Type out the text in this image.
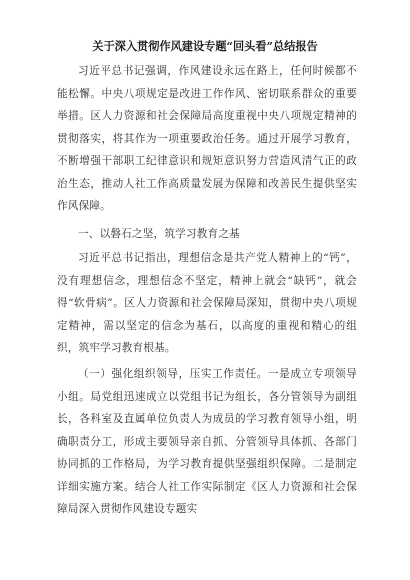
关于深入贯彻作风建设专题“回头看”总结报告

习近平总书记强调，作风建设永远在路上，任何时候都不能松懈。中央八项规定是改进工作作风、密切联系群众的重要举措。区人力资源和社会保障局高度重视中央八项规定精神的贯彻落实，将其作为一项重要政治任务。通过开展学习教育，不断增强干部职工纪律意识和规矩意识努力营造风清气正的政治生态，推动人社工作高质量发展为保障和改善民生提供坚实作风保障。

一、以磐石之坚，筑学习教育之基

习近平总书记指出，理想信念是共产党人精神上的“钙”，没有理想信念，理想信念不坚定，精神上就会“缺钙”，就会得“软骨病”。区人力资源和社会保障局深知，贯彻中央八项规定精神，需以坚定的信念为基石，以高度的重视和精心的组织，筑牢学习教育根基。

（一）强化组织领导，压实工作责任。一是成立专项领导小组。局党组迅速成立以党组书记为组长，各分管领导为副组长，各科室及直属单位负责人为成员的学习教育领导小组，明确职责分工，形成主要领导亲自抓、分管领导具体抓、各部门协同抓的工作格局，为学习教育提供坚强组织保障。二是制定详细实施方案。结合人社工作实际制定《区人力资源和社会保障局深入贯彻作风建设专题实
